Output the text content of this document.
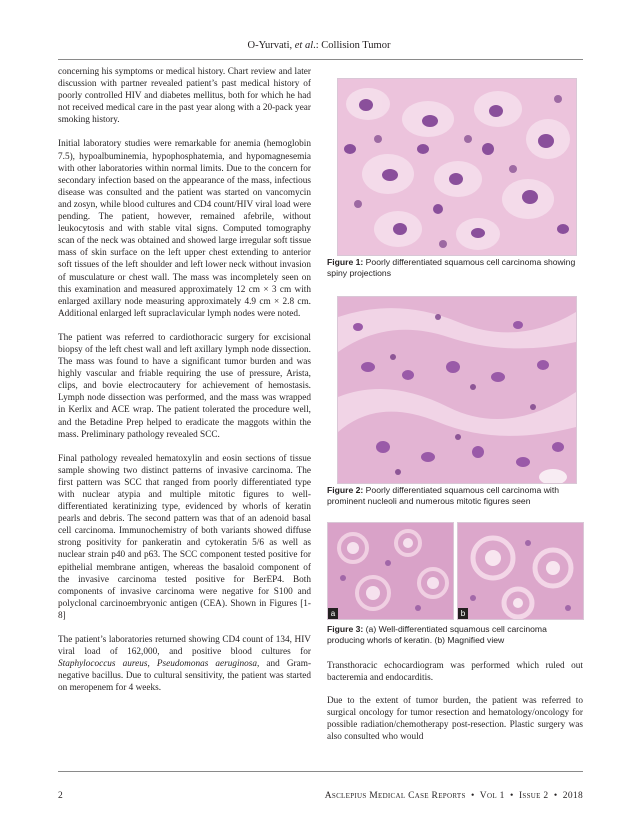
O-Yurvati, et al.: Collision Tumor

concerning his symptoms or medical history. Chart review and later discussion with partner revealed patient’s past medical history of poorly controlled HIV and diabetes mellitus, both for which he had not received medical care in the past year along with a 20-pack year smoking history.

Initial laboratory studies were remarkable for anemia (hemoglobin 7.5), hypoalbuminemia, hypophosphatemia, and hypomagnesemia with other laboratories within normal limits. Due to the concern for secondary infection based on the appearance of the mass, infectious disease was consulted and the patient was started on vancomycin and zosyn, while blood cultures and CD4 count/HIV viral load were pending. The patient, however, remained afebrile, without leukocytosis and with stable vital signs. Computed tomography scan of the neck was obtained and showed large irregular soft tissue mass of skin surface on the left upper chest extending to anterior soft tissues of the left shoulder and left lower neck without invasion of musculature or chest wall. The mass was incompletely seen on this examination and measured approximately 12 cm × 3 cm with enlarged axillary node measuring approximately 4.9 cm × 2.8 cm. Additional enlarged left supraclavicular lymph nodes were noted.

The patient was referred to cardiothoracic surgery for excisional biopsy of the left chest wall and left axillary lymph node dissection. The mass was found to have a significant tumor burden and was highly vascular and friable requiring the use of pressure, Arista, clips, and bovie electrocautery for achievement of hemostasis. Lymph node dissection was performed, and the mass was wrapped in Kerlix and ACE wrap. The patient tolerated the procedure well, and the Betadine Prep helped to eradicate the maggots within the mass. Preliminary pathology revealed SCC.

Final pathology revealed hematoxylin and eosin sections of tissue sample showing two distinct patterns of invasive carcinoma. The first pattern was SCC that ranged from poorly differentiated type with nuclear atypia and multiple mitotic figures to well-differentiated keratinizing type, evidenced by whorls of keratin pearls and debris. The second pattern was that of an adenoid basal cell carcinoma. Immunochemistry of both variants showed diffuse strong positivity for pankeratin and cytokeratin 5/6 as well as nuclear strain p40 and p63. The SCC component tested positive for epithelial membrane antigen, whereas the basaloid component of the invasive carcinoma tested positive for BerEP4. Both components of invasive carcinoma were negative for S100 and polyclonal carcinoembryonic antigen (CEA). Shown in Figures [1-8]

The patient’s laboratories returned showing CD4 count of 134, HIV viral load of 162,000, and positive blood cultures for Staphylococcus aureus, Pseudomonas aeruginosa, and Gram-negative bacillus. Due to cultural sensitivity, the patient was started on meropenem for 4 weeks.

Figure 1: Poorly differentiated squamous cell carcinoma showing spiny projections
Figure 2: Poorly differentiated squamous cell carcinoma with prominent nucleoli and numerous mitotic figures seen
a	b
Figure 3: (a) Well-differentiated squamous cell carcinoma producing whorls of keratin. (b) Magnified view

Transthoracic echocardiogram was performed which ruled out bacteremia and endocarditis.

Due to the extent of tumor burden, the patient was referred to surgical oncology for tumor resection and hematology/oncology for possible radiation/chemotherapy post-resection. Plastic surgery was also consulted who would

2	Asclepius Medical Case Reports  •  Vol 1  •  Issue 2  •  2018
